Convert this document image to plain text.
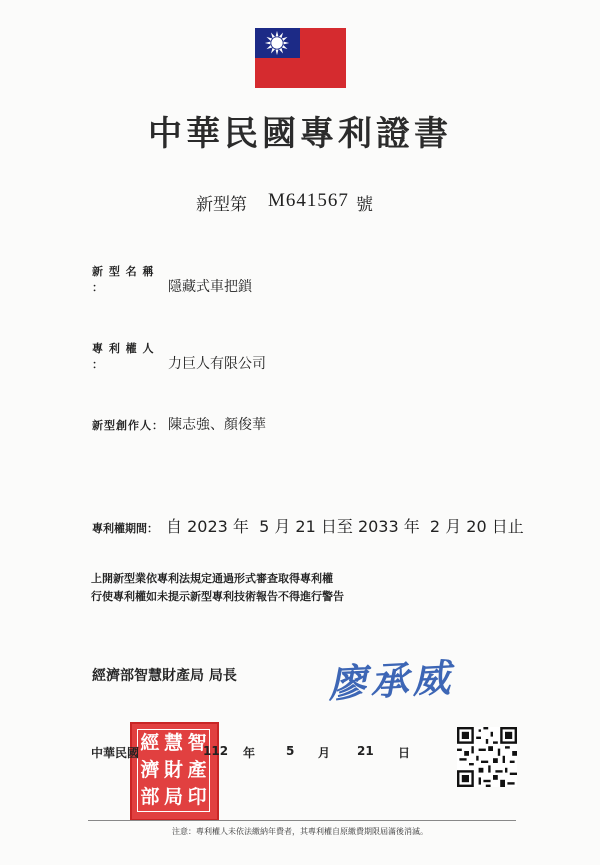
中華民國專利證書
新型第 M641567 號
新 型 名 稱 ：	隱藏式車把鎖
專 利 權 人 ：	力巨人有限公司
新型創作人： 陳志強、顏俊華
專利權期間： 自 2023 年  5 月 21 日至 2033 年  2 月 20 日止
上開新型業依專利法規定通過形式審查取得專利權
行使專利權如未提示新型專利技術報告不得進行警告
經濟部智慧財產局 局長 廖承威
經 慧 智
濟 財 產
部 局 印
中華民國	112 年	5 月 21 日
注意：專利權人未依法繳納年費者，其專利權自原繳費期限屆滿後消滅。
